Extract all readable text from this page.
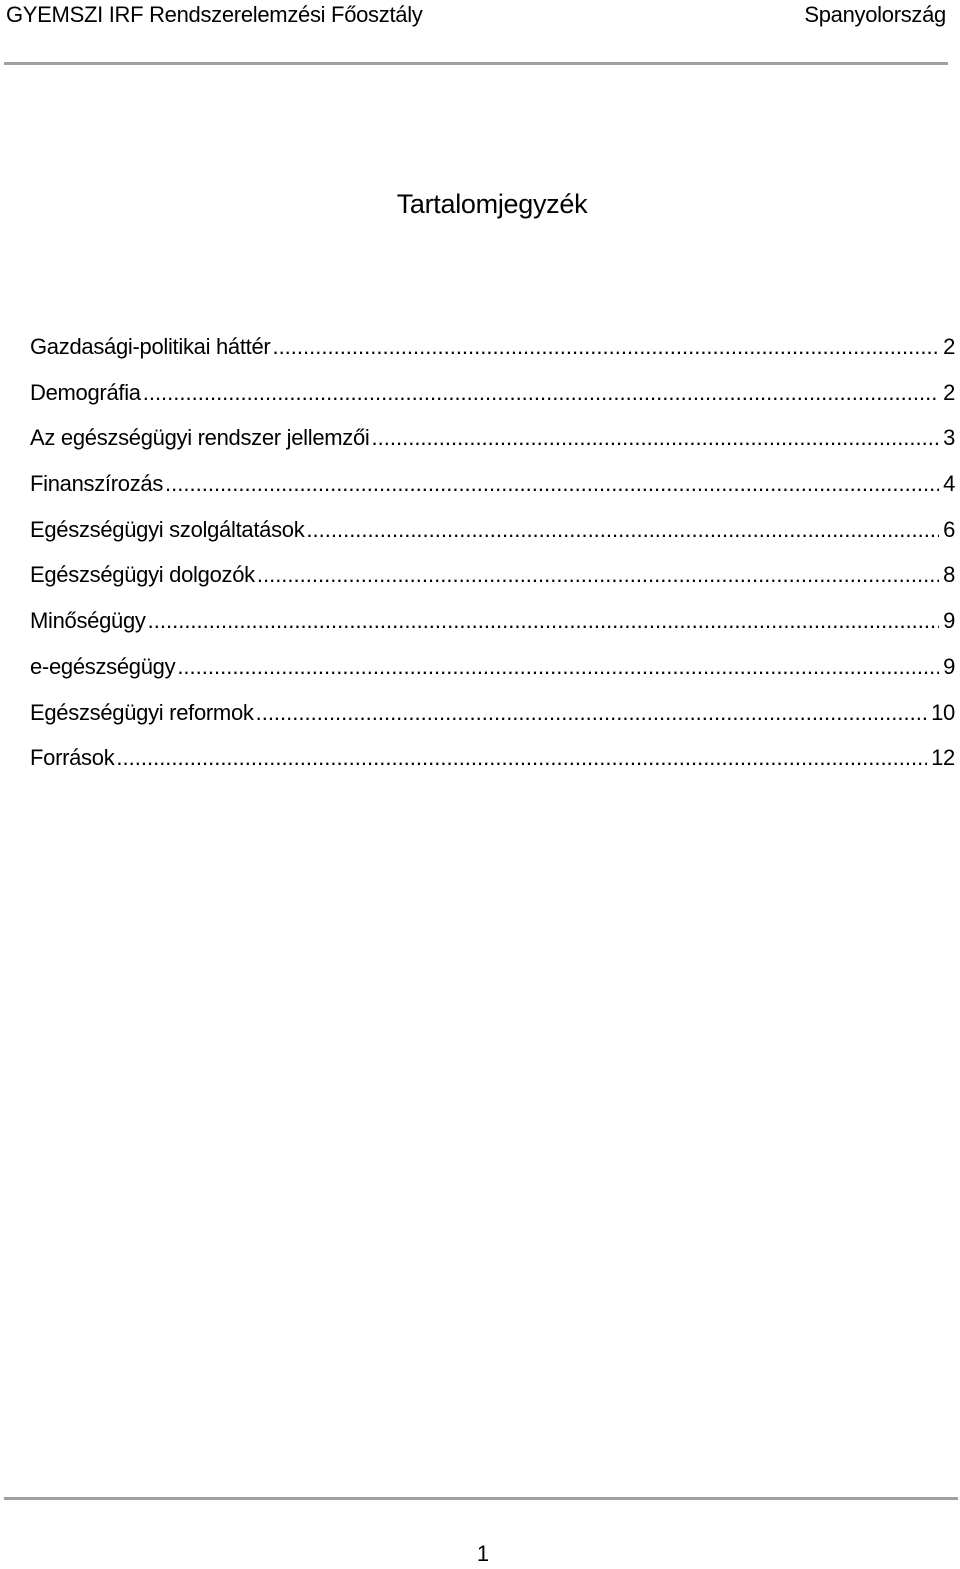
GYEMSZI IRF Rendszerelemzési Főosztály	Spanyolország
Tartalomjegyzék
Gazdasági-politikai háttér .....	2
Demográfia .....	2
Az egészségügyi rendszer jellemzői .....	3
Finanszírozás .....	4
Egészségügyi szolgáltatások .....	6
Egészségügyi dolgozók .....	8
Minőségügy .....	9
e-egészségügy .....	9
Egészségügyi reformok .....	10
Források .....	12
1
